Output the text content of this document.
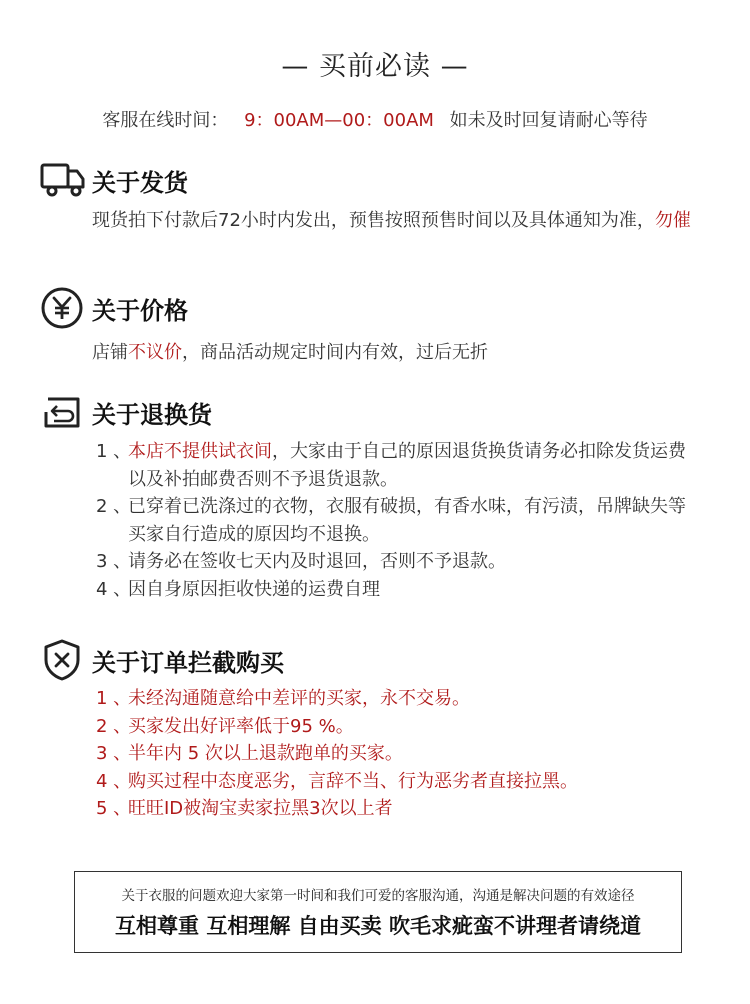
— 买前必读 —
客服在线时间： 9：00AM—00：00AM 如未及时回复请耐心等待
关于发货
现货拍下付款后72小时内发出，预售按照预售时间以及具体通知为准，勿催
关于价格
店铺不议价，商品活动规定时间内有效，过后无折
关于退换货
1 、
本店不提供试衣间，大家由于自己的原因退货换货请务必扣除发货运费以及补拍邮费否则不予退货退款。
2 、
已穿着已洗涤过的衣物，衣服有破损，有香水味，有污渍，吊牌缺失等买家自行造成的原因均不退换。
3 、
请务必在签收七天内及时退回，否则不予退款。
4 、
因自身原因拒收快递的运费自理
关于订单拦截购买
1 、
未经沟通随意给中差评的买家，永不交易。
2 、
买家发出好评率低于95 %。
3 、
半年内 5 次以上退款跑单的买家。
4 、
购买过程中态度恶劣，言辞不当、行为恶劣者直接拉黑。
5 、
旺旺ID被淘宝卖家拉黑3次以上者
关于衣服的问题欢迎大家第一时间和我们可爱的客服沟通，沟通是解决问题的有效途径
互相尊重 互相理解 自由买卖 吹毛求疵蛮不讲理者请绕道
